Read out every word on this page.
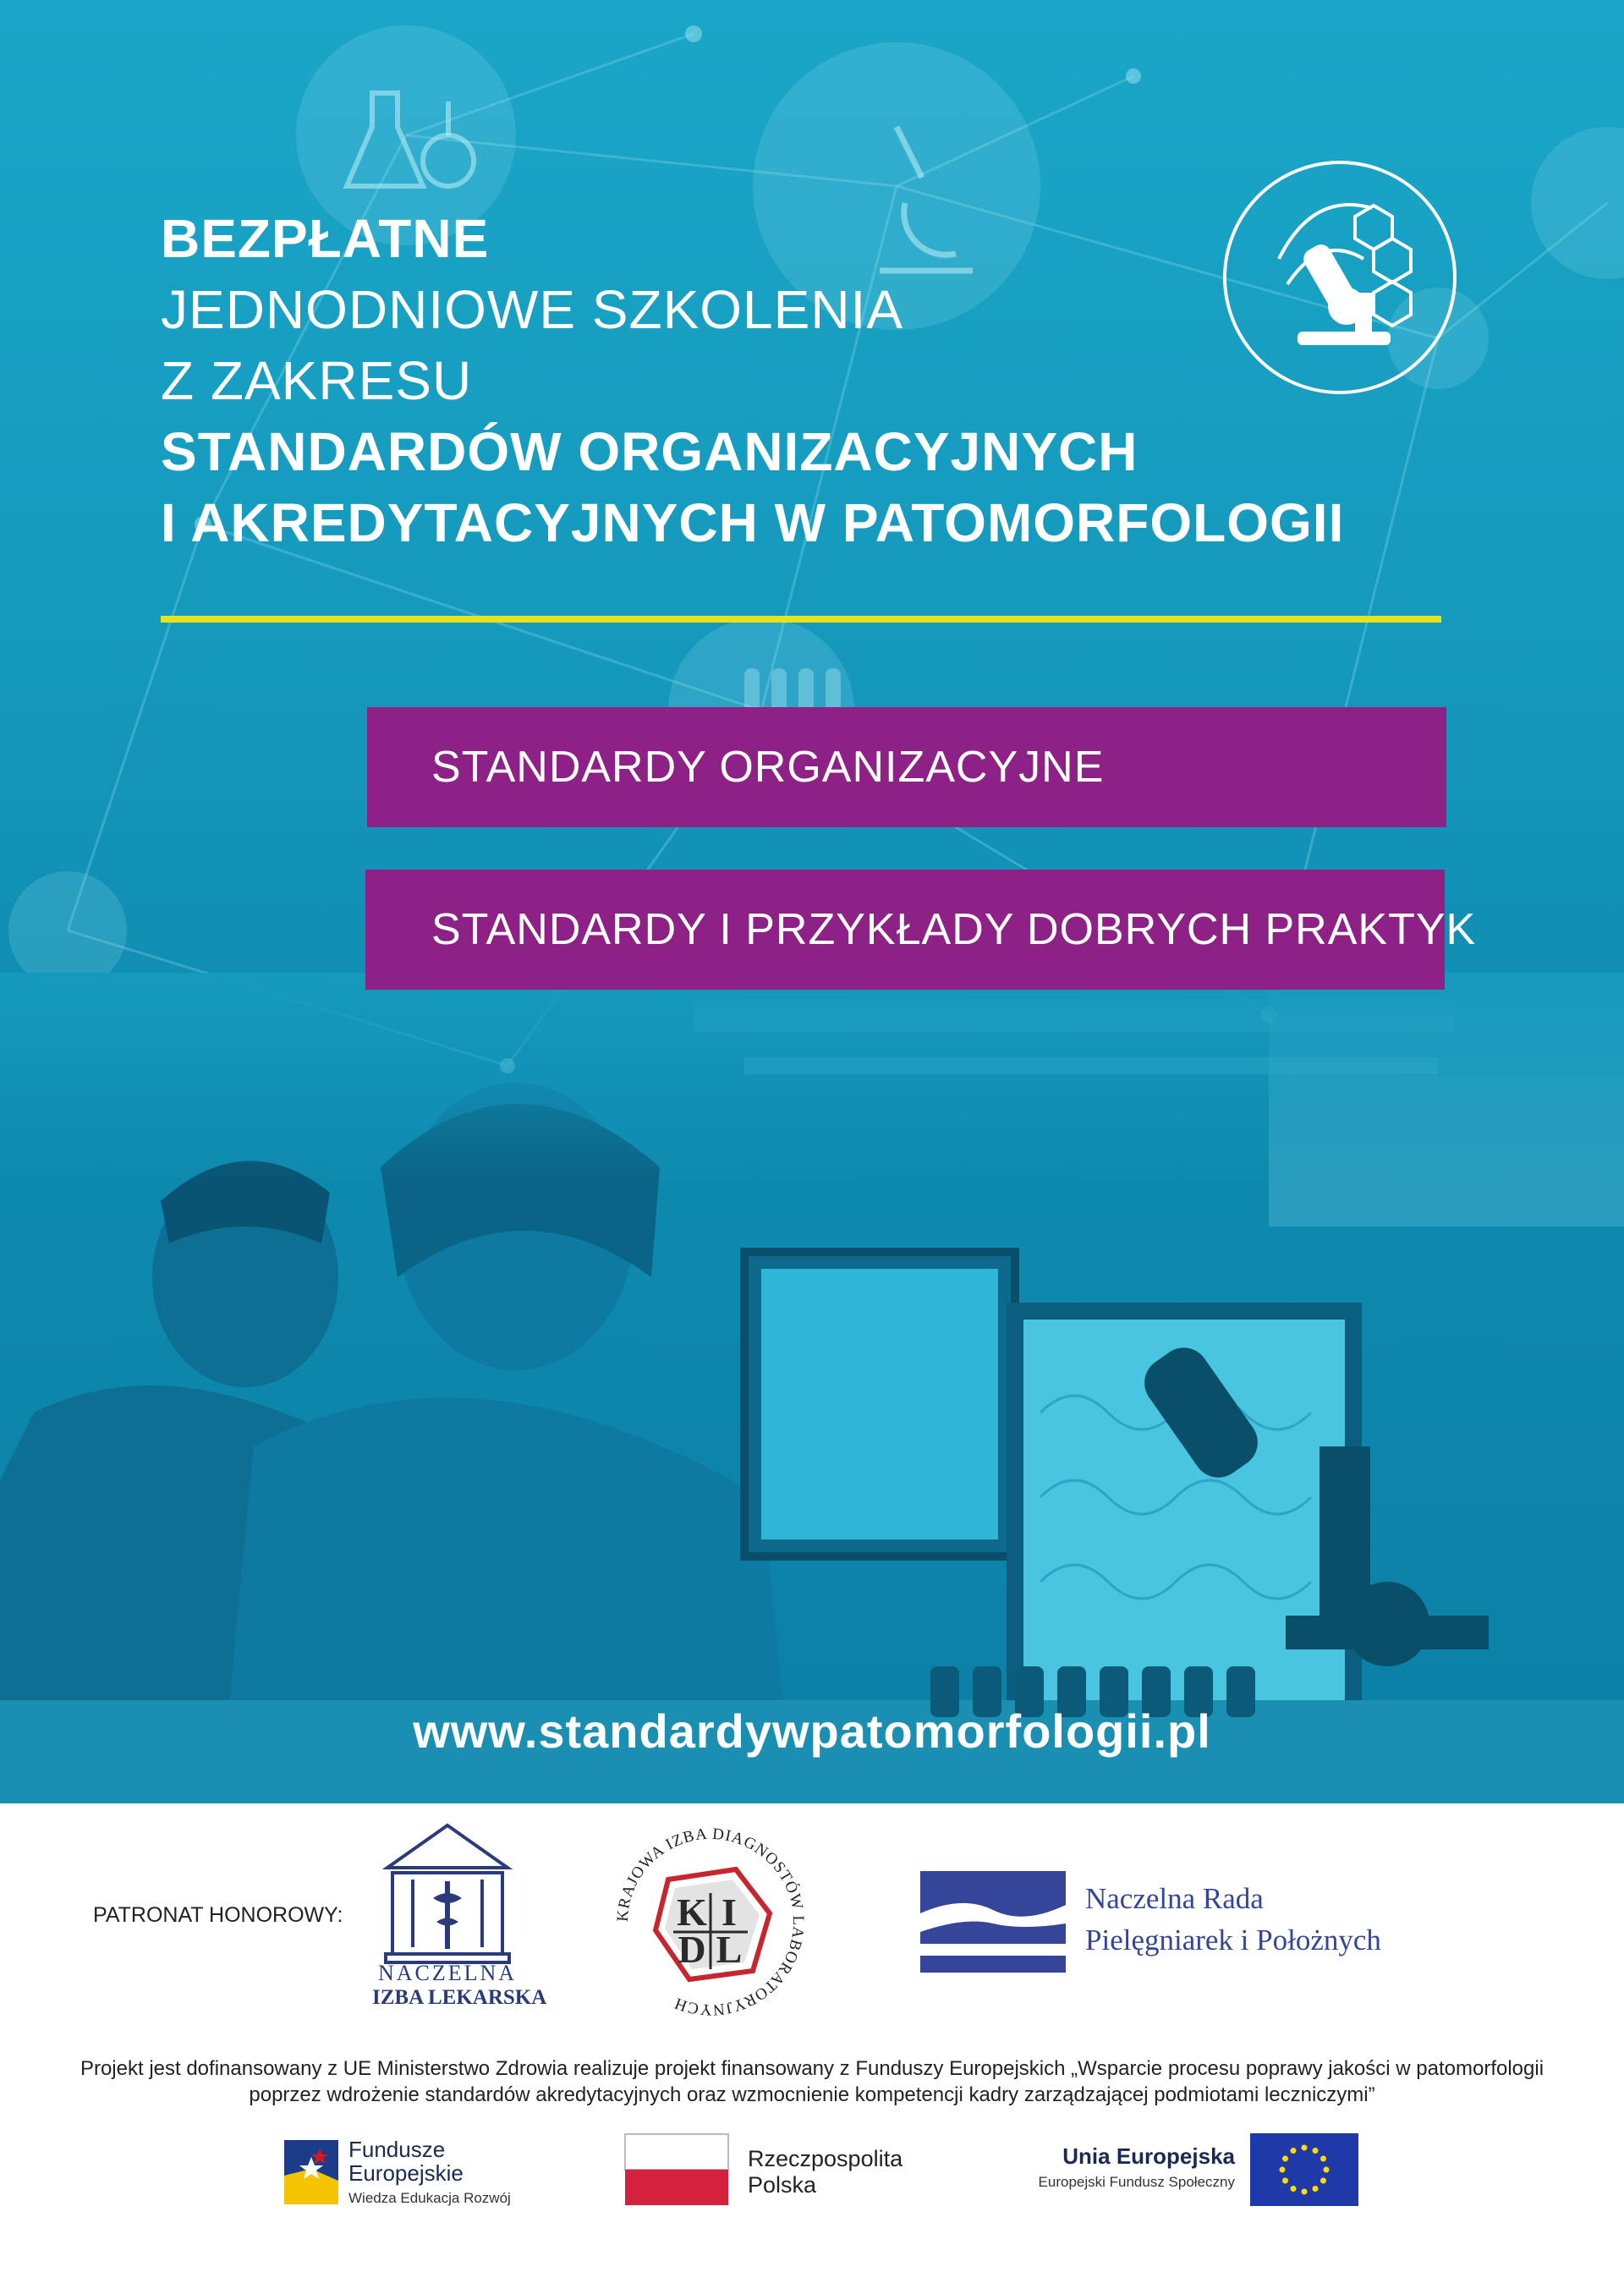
BEZPŁATNE
JEDNODNIOWE SZKOLENIA
Z ZAKRESU
STANDARDÓW ORGANIZACYJNYCH
I AKREDYTACYJNYCH W PATOMORFOLOGII
STANDARDY ORGANIZACYJNE
STANDARDY I PRZYKŁADY DOBRYCH PRAKTYK
www.standardywpatomorfologii.pl
PATRONAT HONOROWY:
NACZELNA
IZBA LEKARSKA
KRAJOWA IZBA DIAGNOSTÓW LABORATORYJNYCH
K I
D L
Naczelna Rada
Pielęgniarek i Położnych
Projekt jest dofinansowany z UE Ministerstwo Zdrowia realizuje projekt finansowany z Funduszy Europejskich „Wsparcie procesu poprawy jakości w patomorfologii
poprzez wdrożenie standardów akredytacyjnych oraz wzmocnienie kompetencji kadry zarządzającej podmiotami leczniczymi”
Fundusze
Europejskie
Wiedza Edukacja Rozwój
Rzeczpospolita
Polska
Unia Europejska
Europejski Fundusz Społeczny
